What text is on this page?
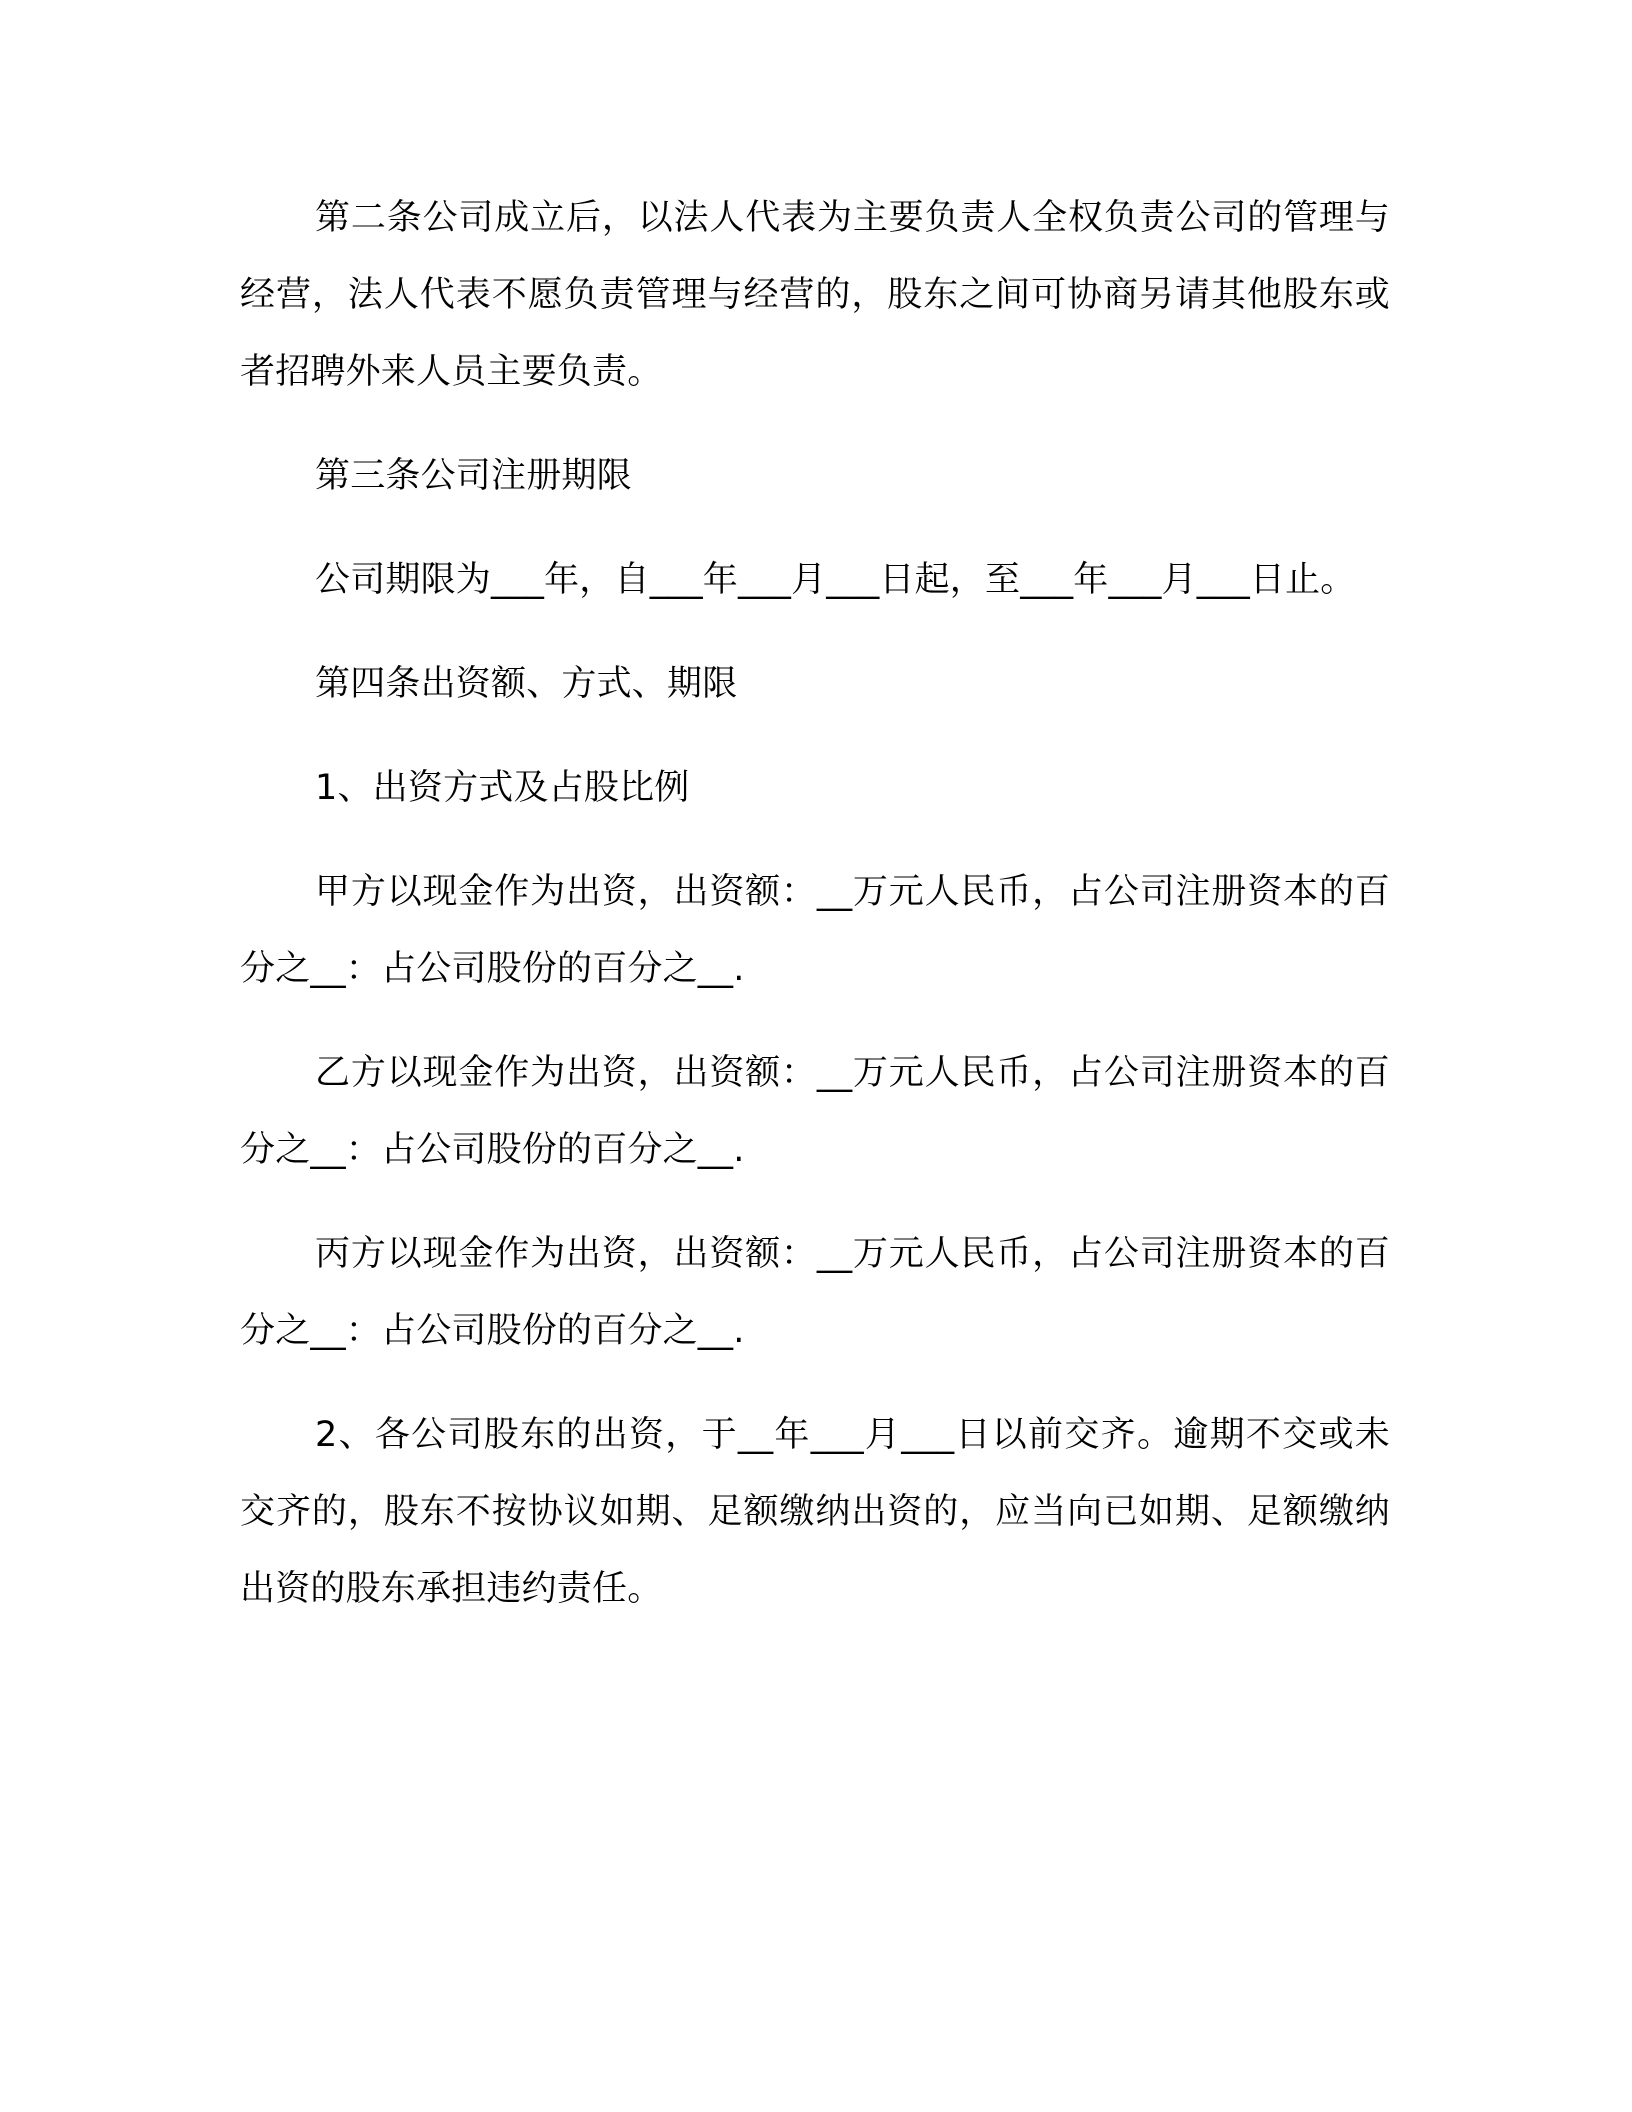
第二条公司成立后，以法人代表为主要负责人全权负责公司的管理与经营，法人代表不愿负责管理与经营的，股东之间可协商另请其他股东或者招聘外来人员主要负责。

第三条公司注册期限

公司期限为___年，自___年___月___日起，至___年___月___日止。

第四条出资额、方式、期限

1、出资方式及占股比例

甲方以现金作为出资，出资额：__万元人民币，占公司注册资本的百分之__：占公司股份的百分之__.

乙方以现金作为出资，出资额：__万元人民币，占公司注册资本的百分之__：占公司股份的百分之__.

丙方以现金作为出资，出资额：__万元人民币，占公司注册资本的百分之__：占公司股份的百分之__.

2、各公司股东的出资，于__年___月___日以前交齐。逾期不交或未交齐的，股东不按协议如期、足额缴纳出资的，应当向已如期、足额缴纳出资的股东承担违约责任。
